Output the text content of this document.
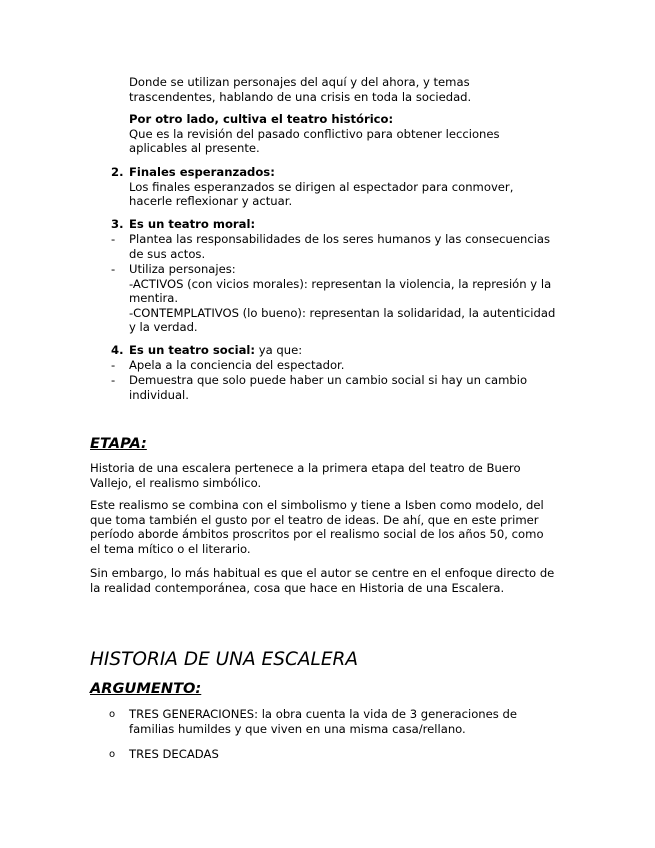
Donde se utilizan personajes del aquí y del ahora, y temas
trascendentes, hablando de una crisis en toda la sociedad.
Por otro lado, cultiva el teatro histórico:
Que es la revisión del pasado conflictivo para obtener lecciones
aplicables al presente.
2. Finales esperanzados:
Los finales esperanzados se dirigen al espectador para conmover,
hacerle reflexionar y actuar.
3. Es un teatro moral:
- Plantea las responsabilidades de los seres humanos y las consecuencias
de sus actos.
- Utiliza personajes:
-ACTIVOS (con vicios morales): representan la violencia, la represión y la
mentira.
-CONTEMPLATIVOS (lo bueno): representan la solidaridad, la autenticidad
y la verdad.
4. Es un teatro social: ya que:
- Apela a la conciencia del espectador.
- Demuestra que solo puede haber un cambio social si hay un cambio
individual.
ETAPA:
Historia de una escalera pertenece a la primera etapa del teatro de Buero
Vallejo, el realismo simbólico.
Este realismo se combina con el simbolismo y tiene a Isben como modelo, del
que toma también el gusto por el teatro de ideas. De ahí, que en este primer
período aborde ámbitos proscritos por el realismo social de los años 50, como
el tema mítico o el literario.
Sin embargo, lo más habitual es que el autor se centre en el enfoque directo de
la realidad contemporánea, cosa que hace en Historia de una Escalera.
HISTORIA DE UNA ESCALERA
ARGUMENTO:
o TRES GENERACIONES: la obra cuenta la vida de 3 generaciones de
familias humildes y que viven en una misma casa/rellano.
o TRES DECADAS
